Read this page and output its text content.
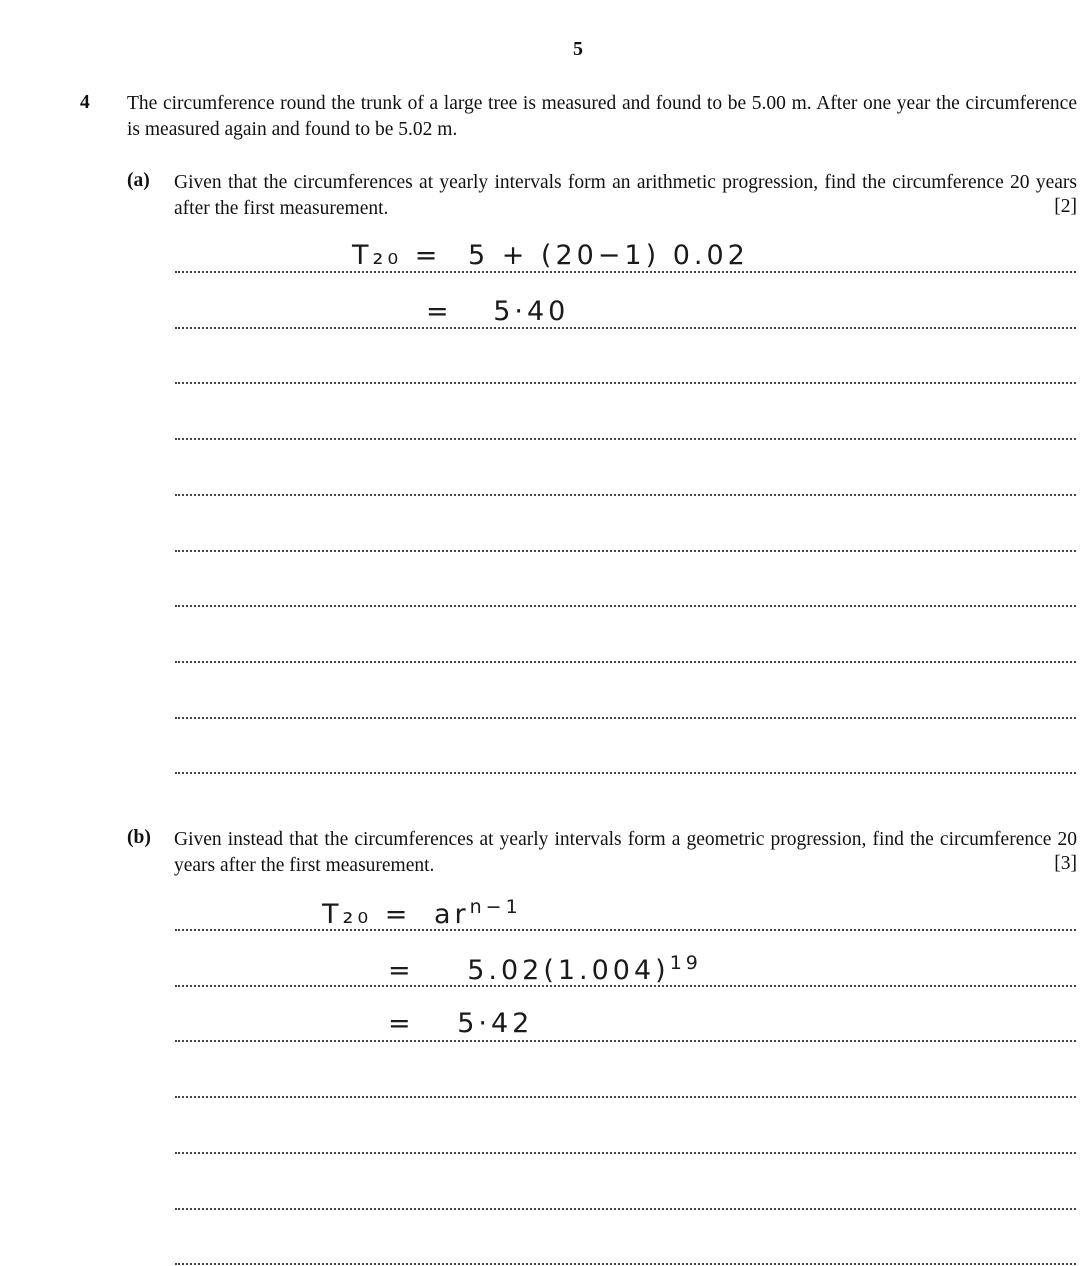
5
4 The circumference round the trunk of a large tree is measured and found to be 5.00 m. After one year the circumference is measured again and found to be 5.02 m.
(a) Given that the circumferences at yearly intervals form an arithmetic progression, find the circumference 20 years after the first measurement.	[2]
T₂₀ = 5 + (20−1) 0.02
= 5·40
(b) Given instead that the circumferences at yearly intervals form a geometric progression, find the circumference 20 years after the first measurement.	[3]
$T_{20} = ar^{n-1}$
= $5.02(1.004)^{19}$
= 5·42
